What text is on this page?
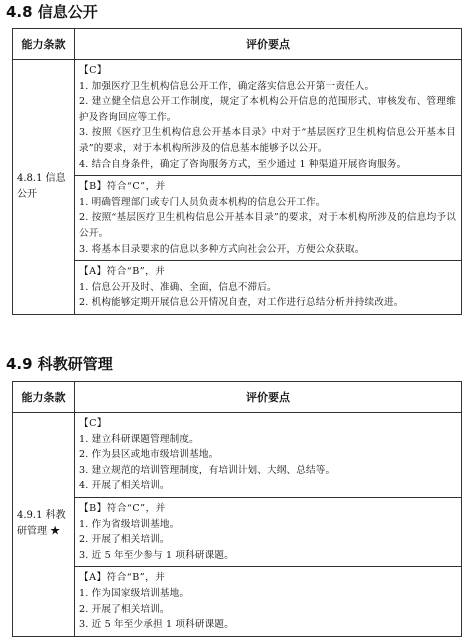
4.8 信息公开
能力条款	评价要点
4.8.1 信息公开	【C】
1. 加强医疗卫生机构信息公开工作，确定落实信息公开第一责任人。
2. 建立健全信息公开工作制度，规定了本机构公开信息的范围形式、审核发布、管理维护及咨询回应等工作。
3. 按照《医疗卫生机构信息公开基本目录》中对于“基层医疗卫生机构信息公开基本目录”的要求，对于本机构所涉及的信息基本能够予以公开。
4. 结合自身条件，确定了咨询服务方式，至少通过 1 种渠道开展咨询服务。

	【B】符合“C”，并
1. 明确管理部门或专门人员负责本机构的信息公开工作。
2. 按照“基层医疗卫生机构信息公开基本目录”的要求，对于本机构所涉及的信息均予以公开。
3. 将基本目录要求的信息以多种方式向社会公开，方便公众获取。

	【A】符合“B”，并
1. 信息公开及时、准确、全面，信息不滞后。
2. 机构能够定期开展信息公开情况自查，对工作进行总结分析并持续改进。
4.9 科教研管理
能力条款	评价要点
4.9.1 科教研管理 ★	【C】
1. 建立科研课题管理制度。
2. 作为县区或地市级培训基地。
3. 建立规范的培训管理制度，有培训计划、大纲、总结等。
4. 开展了相关培训。

	【B】符合“C”，并
1. 作为省级培训基地。
2. 开展了相关培训。
3. 近 5 年至少参与 1 项科研课题。

	【A】符合“B”，并
1. 作为国家级培训基地。
2. 开展了相关培训。
3. 近 5 年至少承担 1 项科研课题。
